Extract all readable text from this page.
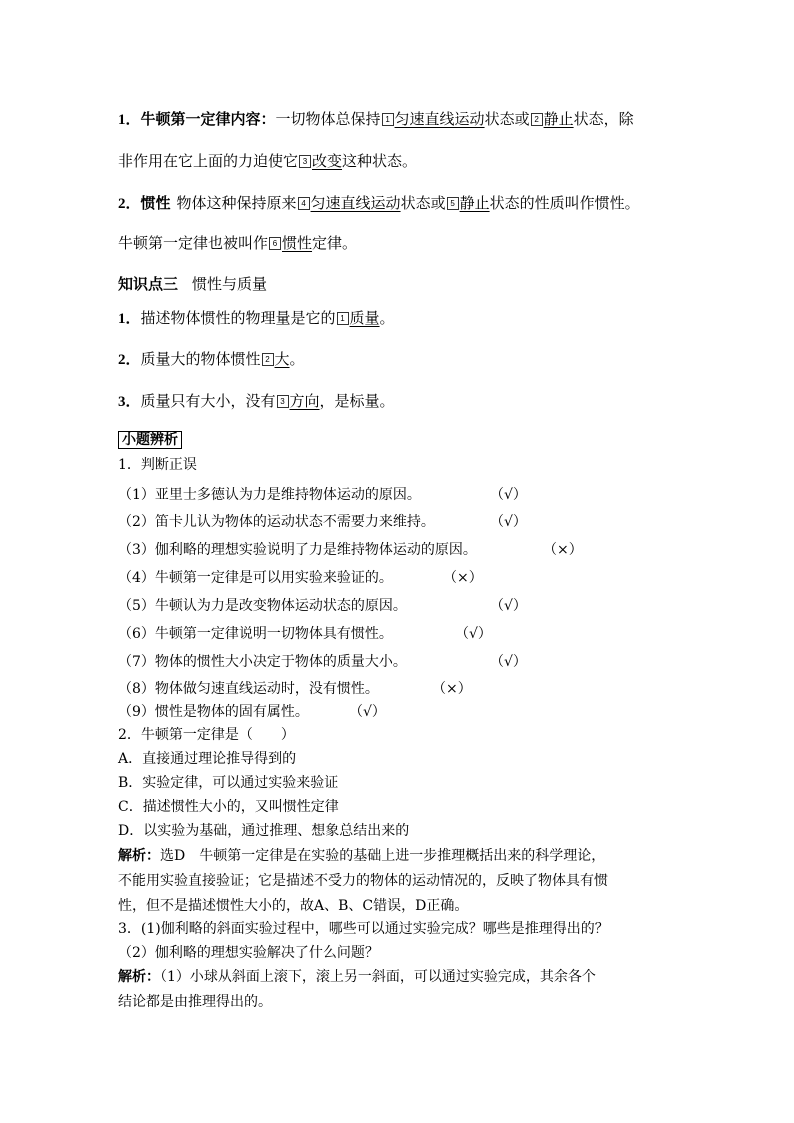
1．牛顿第一定律内容：一切物体总保持 1 匀速直线运动状态或 2 静止状态，除
非作用在它上面的力迫使它 3 改变这种状态。
2．惯性 物体这种保持原来 4 匀速直线运动状态或 5 静止状态的性质叫作惯性。
牛顿第一定律也被叫作 6 惯性定律。
知识点三 惯性与质量
1．描述物体惯性的物理量是它的 1 质量。
2．质量大的物体惯性 2 大。
3．质量只有大小，没有 3 方向，是标量。
小题辨析
1．判断正误
（1）亚里士多德认为力是维持物体运动的原因。	（√）
（2）笛卡儿认为物体的运动状态不需要力来维持。	（√）
（3）伽利略的理想实验说明了力是维持物体运动的原因。	（×）
（4）牛顿第一定律是可以用实验来验证的。	（×）
（5）牛顿认为力是改变物体运动状态的原因。	（√）
（6）牛顿第一定律说明一切物体具有惯性。	（√）
（7）物体的惯性大小决定于物体的质量大小。	（√）
（8）物体做匀速直线运动时，没有惯性。	（×）
（9）惯性是物体的固有属性。	（√）
2．牛顿第一定律是（　　）
A．直接通过理论推导得到的
B．实验定律，可以通过实验来验证
C．描述惯性大小的，又叫惯性定律
D．以实验为基础，通过推理、想象总结出来的
解析：选D　牛顿第一定律是在实验的基础上进一步推理概括出来的科学理论，
不能用实验直接验证；它是描述不受力的物体的运动情况的，反映了物体具有惯
性，但不是描述惯性大小的，故A、B、C错误，D正确。
3．(1)伽利略的斜面实验过程中，哪些可以通过实验完成？哪些是推理得出的？
（2）伽利略的理想实验解决了什么问题？
解析：（1）小球从斜面上滚下，滚上另一斜面，可以通过实验完成，其余各个
结论都是由推理得出的。
